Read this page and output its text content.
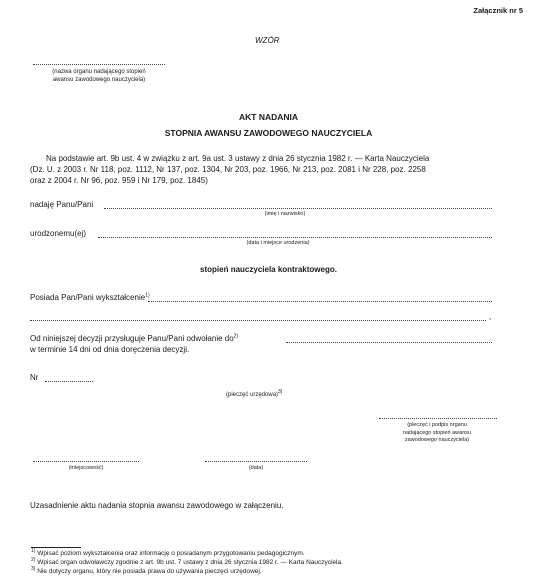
Załącznik nr 5
WZÓR
(nazwa organu nadającego stopień
awansu zawodowego nauczyciela)
AKT NADANIA
STOPNIA AWANSU ZAWODOWEGO NAUCZYCIELA
Na podstawie art. 9b ust. 4 w związku z art. 9a ust. 3 ustawy z dnia 26 stycznia 1982 r. — Karta Nauczyciela
(Dz. U. z 2003 r. Nr 118, poz. 1112, Nr 137, poz. 1304, Nr 203, poz. 1966, Nr 213, poz. 2081 i Nr 228, poz. 2258
oraz z 2004 r. Nr 96, poz. 959 i Nr 179, poz. 1845)
nadaję Panu/Pani
(imię i nazwisko)
urodzonemu(ej)
(data i miejsce urodzenia)
stopień nauczyciela kontraktowego.
Posiada Pan/Pani wykształcenie$^{1)}$
,
Od niniejszej decyzji przysługuje Panu/Pani odwołanie $do^{2)}$
w terminie 14 dni od dnia doręczenia decyzji.
Nr
(pieczęć urzędowa)$^{3)}$
(pieczęć i podpis organu
nadającego stopień awansu
zawodowego nauczyciela)
(miejscowość)	(data)
Uzasadnienie aktu nadania stopnia awansu zawodowego w załączeniu.
$^{1)}$ Wpisać poziom wykształcenia oraz informację o posiadanym przygotowaniu pedagogicznym.
$^{2)}$ Wpisać organ odwoławczy zgodnie z art. 9b ust. 7 ustawy z dnia 26 stycznia 1982 r. — Karta Nauczyciela.
$^{3)}$ Nie dotyczy organu, który nie posiada prawa do używania pieczęci urzędowej.
